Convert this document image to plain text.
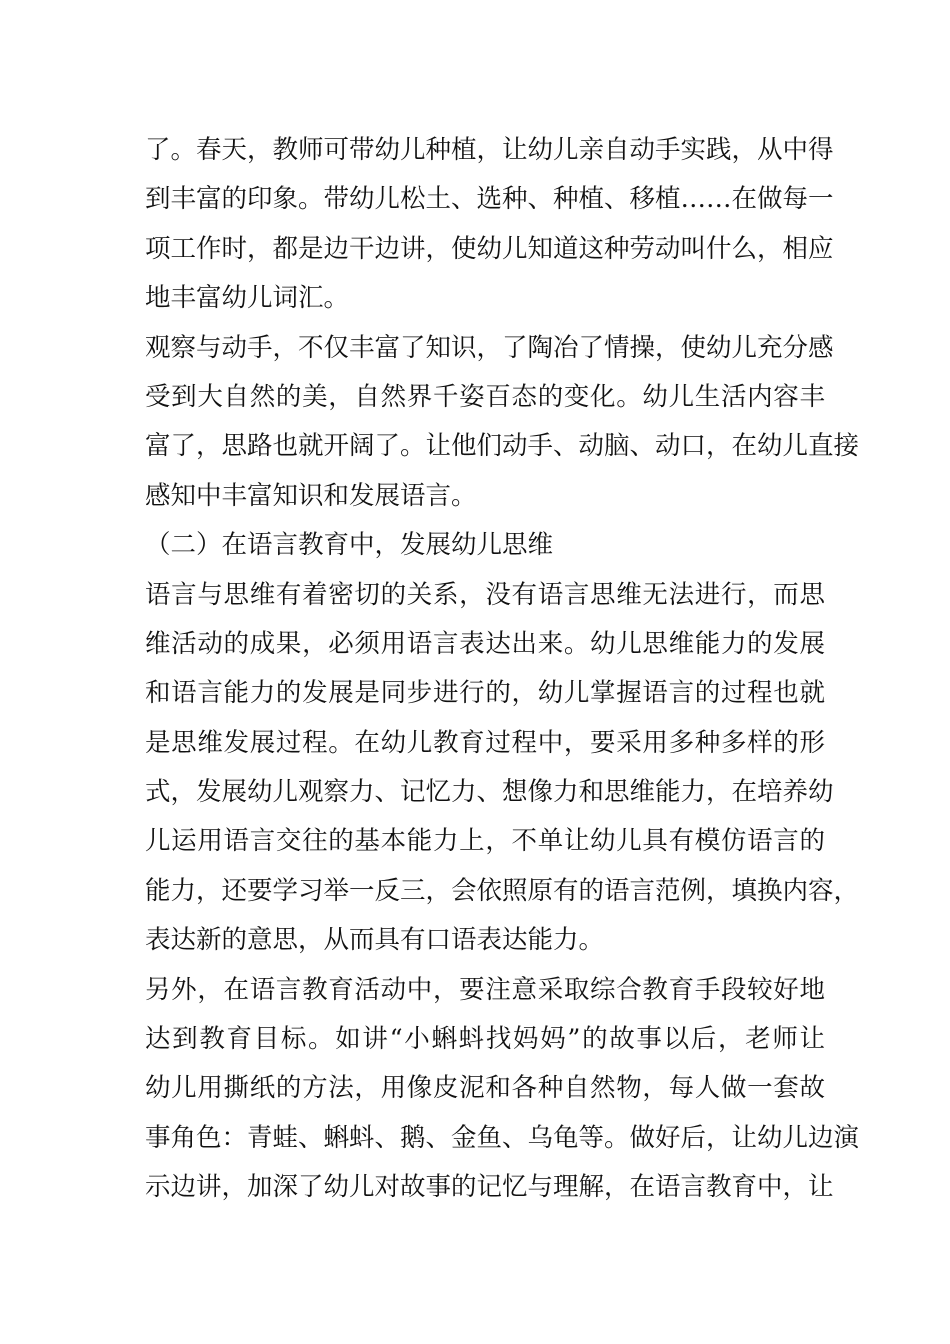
了。春天，教师可带幼儿种植，让幼儿亲自动手实践，从中得
到丰富的印象。带幼儿松土、选种、种植、移植……在做每一
项工作时，都是边干边讲，使幼儿知道这种劳动叫什么，相应
地丰富幼儿词汇。
观察与动手，不仅丰富了知识，了陶冶了情操，使幼儿充分感
受到大自然的美，自然界千姿百态的变化。幼儿生活内容丰
富了，思路也就开阔了。让他们动手、动脑、动口，在幼儿直接
感知中丰富知识和发展语言。
（二）在语言教育中，发展幼儿思维
语言与思维有着密切的关系，没有语言思维无法进行，而思
维活动的成果，必须用语言表达出来。幼儿思维能力的发展
和语言能力的发展是同步进行的，幼儿掌握语言的过程也就
是思维发展过程。在幼儿教育过程中，要采用多种多样的形
式，发展幼儿观察力、记忆力、想像力和思维能力，在培养幼
儿运用语言交往的基本能力上，不单让幼儿具有模仿语言的
能力，还要学习举一反三，会依照原有的语言范例，填换内容，
表达新的意思，从而具有口语表达能力。
另外，在语言教育活动中，要注意采取综合教育手段较好地
达到教育目标。如讲“小蝌蚪找妈妈”的故事以后，老师让
幼儿用撕纸的方法，用像皮泥和各种自然物，每人做一套故
事角色：青蛙、蝌蚪、鹅、金鱼、乌龟等。做好后，让幼儿边演
示边讲，加深了幼儿对故事的记忆与理解，在语言教育中，让
